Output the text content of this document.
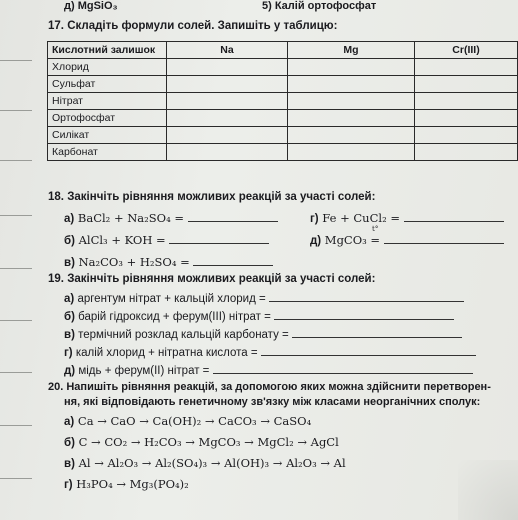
д) MgSiO₃	5) Калій ортофосфат
17. Складіть формули солей. Запишіть у таблицю:
Кислотний залишок	Na	Mg	Cr(III)
Хлорид			
Сульфат			
Нітрат			
Ортофосфат			
Силікат			
Карбонат			
18. Закінчіть рівняння можливих реакцій за участі солей:
а) BaCl₂ + Na₂SO₄ =	г) Fe + CuCl₂ =
б) AlCl₃ + KOH =	д) MgCO₃ =
t°
в) Na₂CO₃ + H₂SO₄ =
19. Закінчіть рівняння можливих реакцій за участі солей:
а) аргентум нітрат + кальцій хлорид =
б) барій гідроксид + ферум(III) нітрат =
в) термічний розклад кальцій карбонату =
г) калій хлорид + нітратна кислота =
д) мідь + ферум(II) нітрат =
20. Напишіть рівняння реакцій, за допомогою яких можна здійснити перетворен-
ня, які відповідають генетичному зв'язку між класами неорганічних сполук:
а) Ca → CaO → Ca(OH)₂ → CaCO₃ → CaSO₄
б) C → CO₂ → H₂CO₃ → MgCO₃ → MgCl₂ → AgCl
в) Al → Al₂O₃ → Al₂(SO₄)₃ → Al(OH)₃ → Al₂O₃ → Al
г) H₃PO₄ → Mg₃(PO₄)₂
